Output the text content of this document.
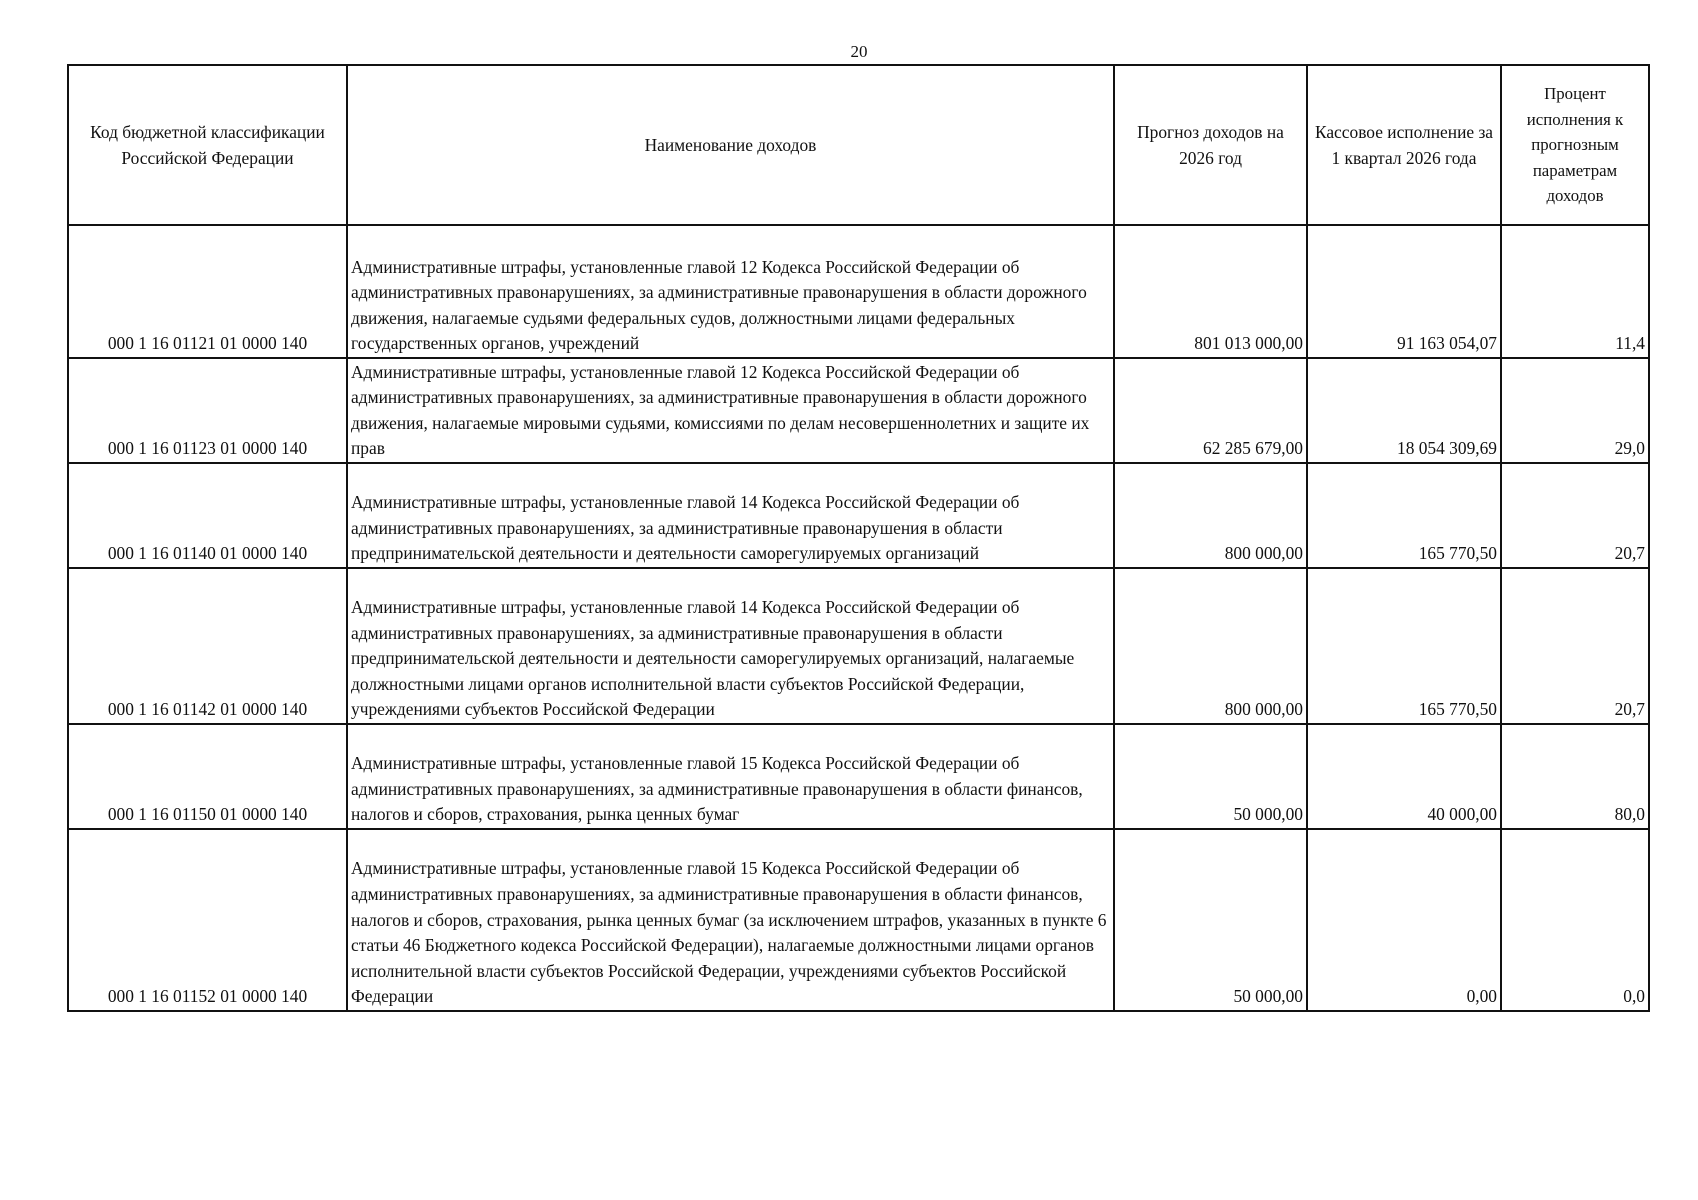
20
Код бюджетной классификации Российской Федерации	Наименование доходов	Прогноз доходов на 2026 год	Кассовое исполнение за 1 квартал 2026 года	Процент исполнения к прогнозным параметрам доходов
000 1 16 01121 01 0000 140	Административные штрафы, установленные главой 12 Кодекса Российской Федерации об административных правонарушениях, за административные правонарушения в области дорожного движения, налагаемые судьями федеральных судов, должностными лицами федеральных государственных органов, учреждений	801 013 000,00	91 163 054,07	11,4
000 1 16 01123 01 0000 140	Административные штрафы, установленные главой 12 Кодекса Российской Федерации об административных правонарушениях, за административные правонарушения в области дорожного движения, налагаемые мировыми судьями, комиссиями по делам несовершеннолетних и защите их прав	62 285 679,00	18 054 309,69	29,0
000 1 16 01140 01 0000 140	Административные штрафы, установленные главой 14 Кодекса Российской Федерации об административных правонарушениях, за административные правонарушения в области предпринимательской деятельности и деятельности саморегулируемых организаций	800 000,00	165 770,50	20,7
000 1 16 01142 01 0000 140	Административные штрафы, установленные главой 14 Кодекса Российской Федерации об административных правонарушениях, за административные правонарушения в области предпринимательской деятельности и деятельности саморегулируемых организаций, налагаемые должностными лицами органов исполнительной власти субъектов Российской Федерации, учреждениями субъектов Российской Федерации	800 000,00	165 770,50	20,7
000 1 16 01150 01 0000 140	Административные штрафы, установленные главой 15 Кодекса Российской Федерации об административных правонарушениях, за административные правонарушения в области финансов, налогов и сборов, страхования, рынка ценных бумаг	50 000,00	40 000,00	80,0
000 1 16 01152 01 0000 140	Административные штрафы, установленные главой 15 Кодекса Российской Федерации об административных правонарушениях, за административные правонарушения в области финансов, налогов и сборов, страхования, рынка ценных бумаг (за исключением штрафов, указанных в пункте 6 статьи 46 Бюджетного кодекса Российской Федерации), налагаемые должностными лицами органов исполнительной власти субъектов Российской Федерации, учреждениями субъектов Российской Федерации	50 000,00	0,00	0,0
